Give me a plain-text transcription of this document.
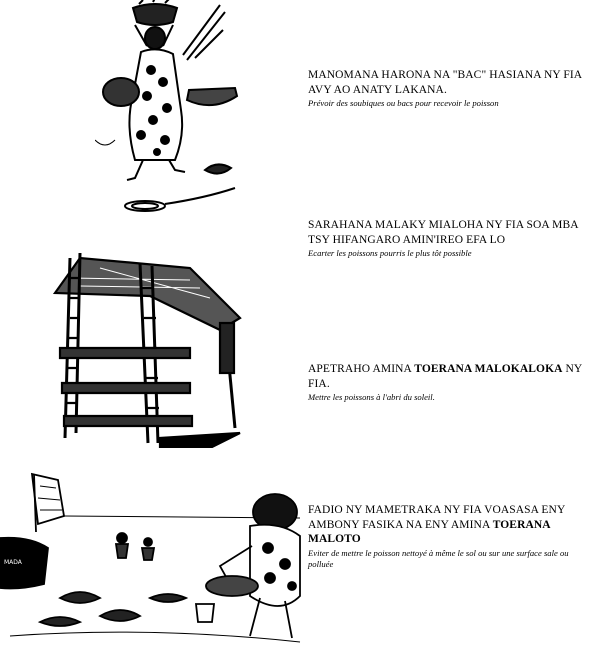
MADA
MANOMANA HARONA NA "BAC" HASIANA NY FIA AVY AO ANATY LAKANA.
Prévoir des soubiques ou bacs pour recevoir le poisson
SARAHANA MALAKY MIALOHA NY FIA SOA MBA TSY HIFANGARO AMIN'IREO EFA LO
Ecarter les poissons pourris le plus tôt possible
APETRAHO AMINA TOERANA MALOKALOKA NY FIA.
Mettre les poissons à l'abri du soleil.
FADIO NY MAMETRAKA NY FIA VOASASA ENY AMBONY FASIKA NA ENY AMINA TOERANA MALOTO
Eviter de mettre le poisson nettoyé à même le sol ou sur une surface sale ou polluée
